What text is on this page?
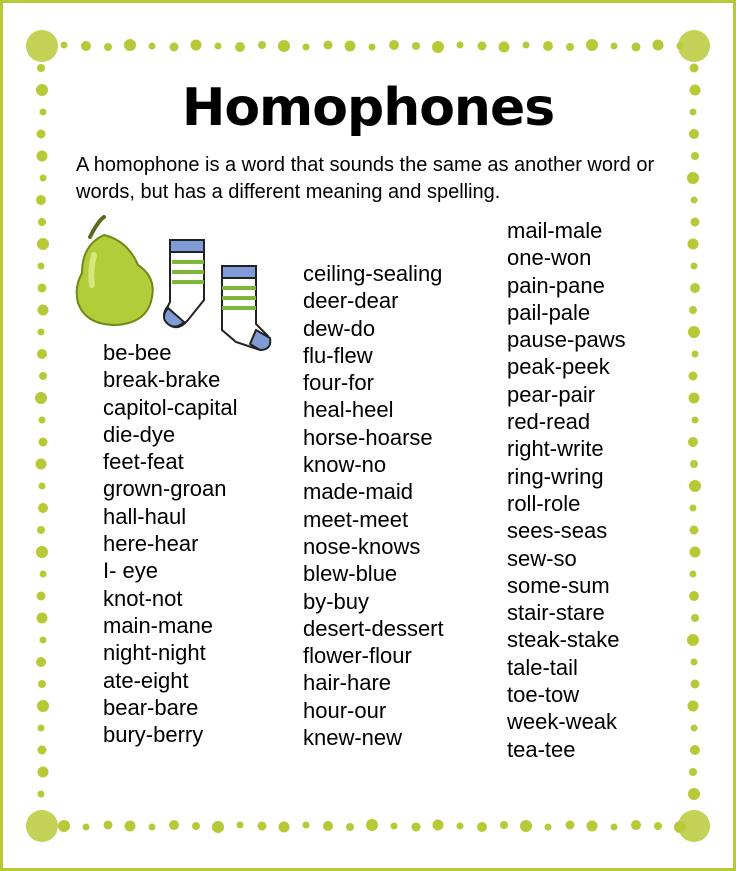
Homophones
A homophone is a word that sounds the same as another word or words, but has a different meaning and spelling.
be-bee
break-brake
capitol-capital
die-dye
feet-feat
grown-groan
hall-haul
here-hear
I- eye
knot-not
main-mane
night-night
ate-eight
bear-bare
bury-berry
ceiling-sealing
deer-dear
dew-do
flu-flew
four-for
heal-heel
horse-hoarse
know-no
made-maid
meet-meet
nose-knows
blew-blue
by-buy
desert-dessert
flower-flour
hair-hare
hour-our
knew-new
mail-male
one-won
pain-pane
pail-pale
pause-paws
peak-peek
pear-pair
red-read
right-write
ring-wring
roll-role
sees-seas
sew-so
some-sum
stair-stare
steak-stake
tale-tail
toe-tow
week-weak
tea-tee
